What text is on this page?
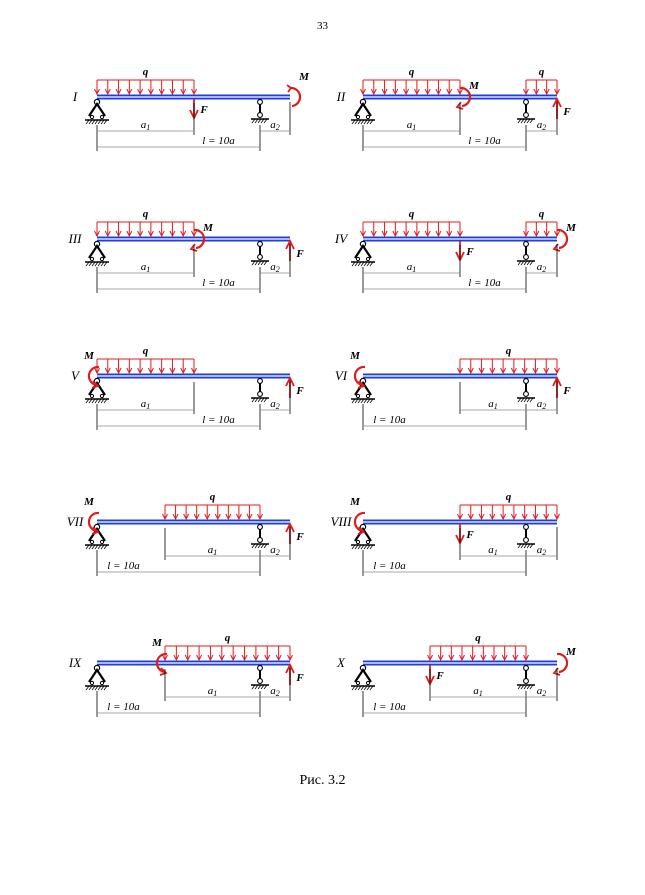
33
I
q
F
M
a1	a2
l = 10a
II
q	q
F
M
a1	a2
l = 10a
III
q
F
M
a1	a2
l = 10a
IV
q	q
F
M
a1	a2
l = 10a
V
q
F
M
a1	a2
l = 10a
VI
q
F
M
a1	a2
l = 10a
VII
q
F
M
a1	a2
l = 10a
VIII
q
F
M
a1	a2
l = 10a
IX
q
F
M
a1	a2
l = 10a
X
q
F
M
a1	a2
l = 10a
Рис. 3.2
